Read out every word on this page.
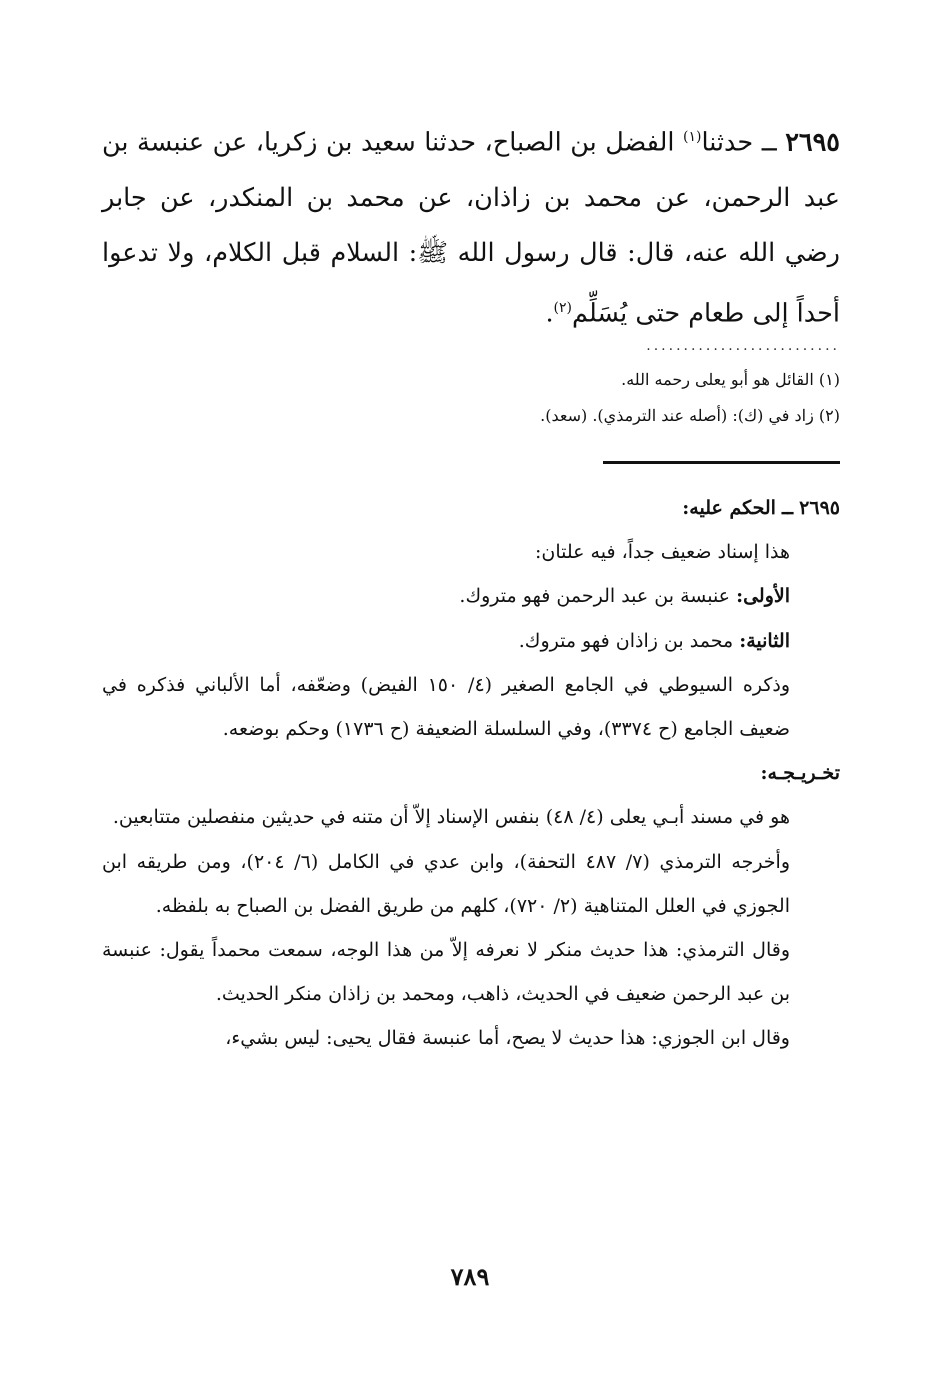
٢٦٩٥ ــ حدثنا$^{(١)}$ الفضل بن الصباح، حدثنا سعيد بن زكريا، عن عنبسة بن عبد الرحمن، عن محمد بن زاذان، عن محمد بن المنكدر، عن جابر رضي الله عنه، قال: قال رسول الله ﷺ: السلام قبل الكلام، ولا تدعوا أحداً إلى طعام حتى يُسَلِّم$^{(٢)}$.

..........................

(١) القائل هو أبو يعلى رحمه الله.

(٢) زاد في (ك): (أصله عند الترمذي). (سعد).

٢٦٩٥ ــ الحكم عليه:

هذا إسناد ضعيف جداً، فيه علتان:

الأولى: عنبسة بن عبد الرحمن فهو متروك.

الثانية: محمد بن زاذان فهو متروك.

وذكره السيوطي في الجامع الصغير (٤/ ١٥٠ الفيض) وضعّفه، أما الألباني فذكره في ضعيف الجامع (ح ٣٣٧٤)، وفي السلسلة الضعيفة (ح ١٧٣٦) وحكم بوضعه.

تخـريـجـه:

هو في مسند أبـي يعلى (٤/ ٤٨) بنفس الإسناد إلاّ أن متنه في حديثين منفصلين متتابعين.

وأخرجه الترمذي (٧/ ٤٨٧ التحفة)، وابن عدي في الكامل (٦/ ٢٠٤)، ومن طريقه ابن الجوزي في العلل المتناهية (٢/ ٧٢٠)، كلهم من طريق الفضل بن الصباح به بلفظه.

وقال الترمذي: هذا حديث منكر لا نعرفه إلاّ من هذا الوجه، سمعت محمداً يقول: عنبسة بن عبد الرحمن ضعيف في الحديث، ذاهب، ومحمد بن زاذان منكر الحديث.

وقال ابن الجوزي: هذا حديث لا يصح، أما عنبسة فقال يحيى: ليس بشيء،

٧٨٩
